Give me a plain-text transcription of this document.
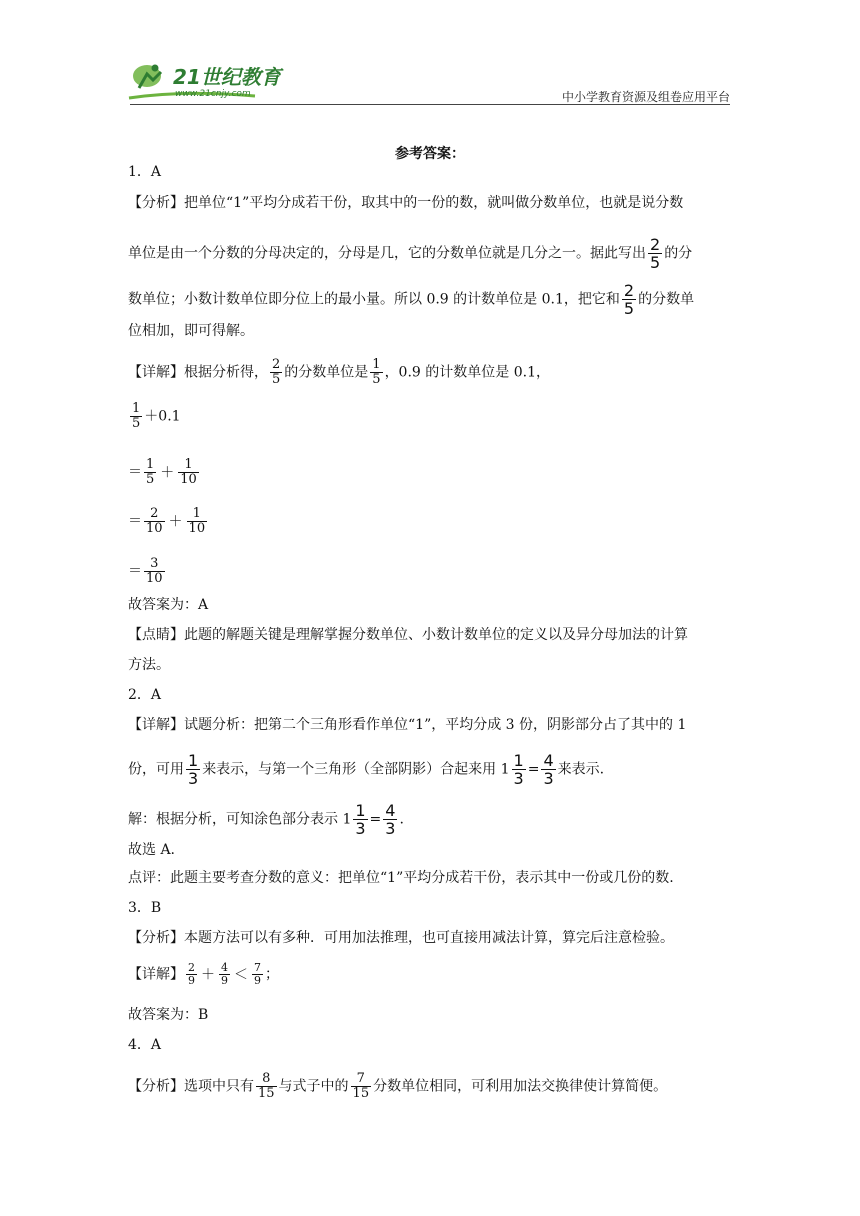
21世纪教育
www.21cnjy.com	中小学教育资源及组卷应用平台
参考答案：
1．A
【分析】把单位“1”平均分成若干份，取其中的一份的数，就叫做分数单位，也就是说分数
单位是由一个分数的分母决定的，分母是几，它的分数单位就是几分之一。据此写出 $\frac{2}{5}$ 的分
数单位；小数计数单位即分位上的最小量。所以 0.9 的计数单位是 0.1，把它和 $\frac{2}{5}$ 的分数单
位相加，即可得解。
【详解】根据分析得， $\frac{2}{5}$ 的分数单位是 $\frac{1}{5}$ ，0.9 的计数单位是 0.1，
$\frac{1}{5} +0.1$
＝ $\frac{1}{5} + \frac{1}{10}$
＝ $\frac{2}{10} + \frac{1}{10}$
＝ $\frac{3}{10}$
故答案为：A
【点睛】此题的解题关键是理解掌握分数单位、小数计数单位的定义以及异分母加法的计算
方法。
2．A
【详解】试题分析：把第二个三角形看作单位“1”，平均分成 3 份，阴影部分占了其中的 1
份，可用 $\frac{1}{3}$ 来表示，与第一个三角形（全部阴影）合起来用 $1 \frac{1}{3} = \frac{4}{3}$ 来表示.
解：根据分析，可知涂色部分表示 $1 \frac{1}{3} = \frac{4}{3}$ .
故选 A.
点评：此题主要考查分数的意义：把单位“1”平均分成若干份，表示其中一份或几份的数.
3．B
【分析】本题方法可以有多种．可用加法推理，也可直接用减法计算，算完后注意检验。
【详解】 $\frac{2}{9} + \frac{4}{9} < \frac{7}{9}$ ；
故答案为：B
4．A
【分析】选项中只有 $\frac{8}{15}$ 与式子中的 $\frac{7}{15}$ 分数单位相同，可利用加法交换律使计算简便。
